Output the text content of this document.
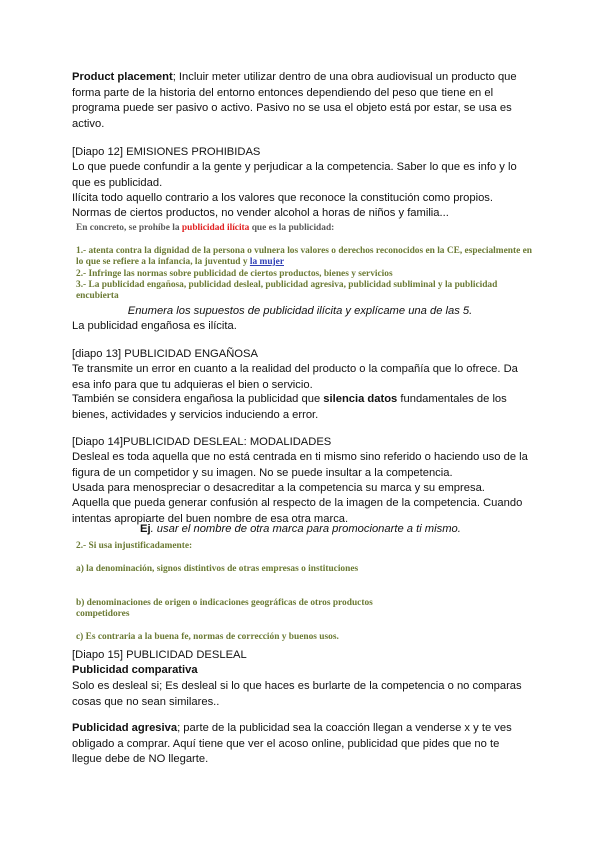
Product placement; Incluir meter utilizar dentro de una obra audiovisual un producto que forma parte de la historia del entorno entonces dependiendo del peso que tiene en el programa puede ser pasivo o activo. Pasivo no se usa el objeto está por estar, se usa es activo.

[Diapo 12] EMISIONES PROHIBIDAS

Lo que puede confundir a la gente y perjudicar a la competencia. Saber lo que es info y lo que es publicidad.

Ilícita todo aquello contrario a los valores que reconoce la constitución como propios.

Normas de ciertos productos, no vender alcohol a horas de niños y familia...

En concreto, se prohíbe la publicidad ilícita que es la publicidad:

1.- atenta contra la dignidad de la persona o vulnera los valores o derechos reconocidos en la CE, especialmente en lo que se refiere a la infancia, la juventud y la mujer

2.- Infringe las normas sobre publicidad de ciertos productos, bienes y servicios

3.- La publicidad engañosa, publicidad desleal, publicidad agresiva, publicidad subliminal y la publicidad encubierta

Enumera los supuestos de publicidad ilícita y explícame una de las 5.

La publicidad engañosa es ilícita.

[diapo 13] PUBLICIDAD ENGAÑOSA

Te transmite un error en cuanto a la realidad del producto o la compañía que lo ofrece. Da esa info para que tu adquieras el bien o servicio.

También se considera engañosa la publicidad que silencia datos fundamentales de los bienes, actividades y servicios induciendo a error.

[Diapo 14]PUBLICIDAD DESLEAL: MODALIDADES

Desleal es toda aquella que no está centrada en ti mismo sino referido o haciendo uso de la figura de un competidor y su imagen. No se puede insultar a la competencia.

Usada para menospreciar o desacreditar a la competencia su marca y su empresa.

Aquella que pueda generar confusión al respecto de la imagen de la competencia. Cuando intentas apropiarte del buen nombre de esa otra marca.

Ej. usar el nombre de otra marca para promocionarte a ti mismo.

2.- Si usa injustificadamente:

a) la denominación, signos distintivos de otras empresas o instituciones

b) denominaciones de origen o indicaciones geográficas de otros productos competidores

c) Es contraria a la buena fe, normas de corrección y buenos usos.

[Diapo 15] PUBLICIDAD DESLEAL

Publicidad comparativa

Solo es desleal si; Es desleal si lo que haces es burlarte de la competencia o no comparas cosas que no sean similares..

Publicidad agresiva; parte de la publicidad sea la coacción llegan a venderse x y te ves obligado a comprar. Aquí tiene que ver el acoso online, publicidad que pides que no te llegue debe de NO llegarte.
